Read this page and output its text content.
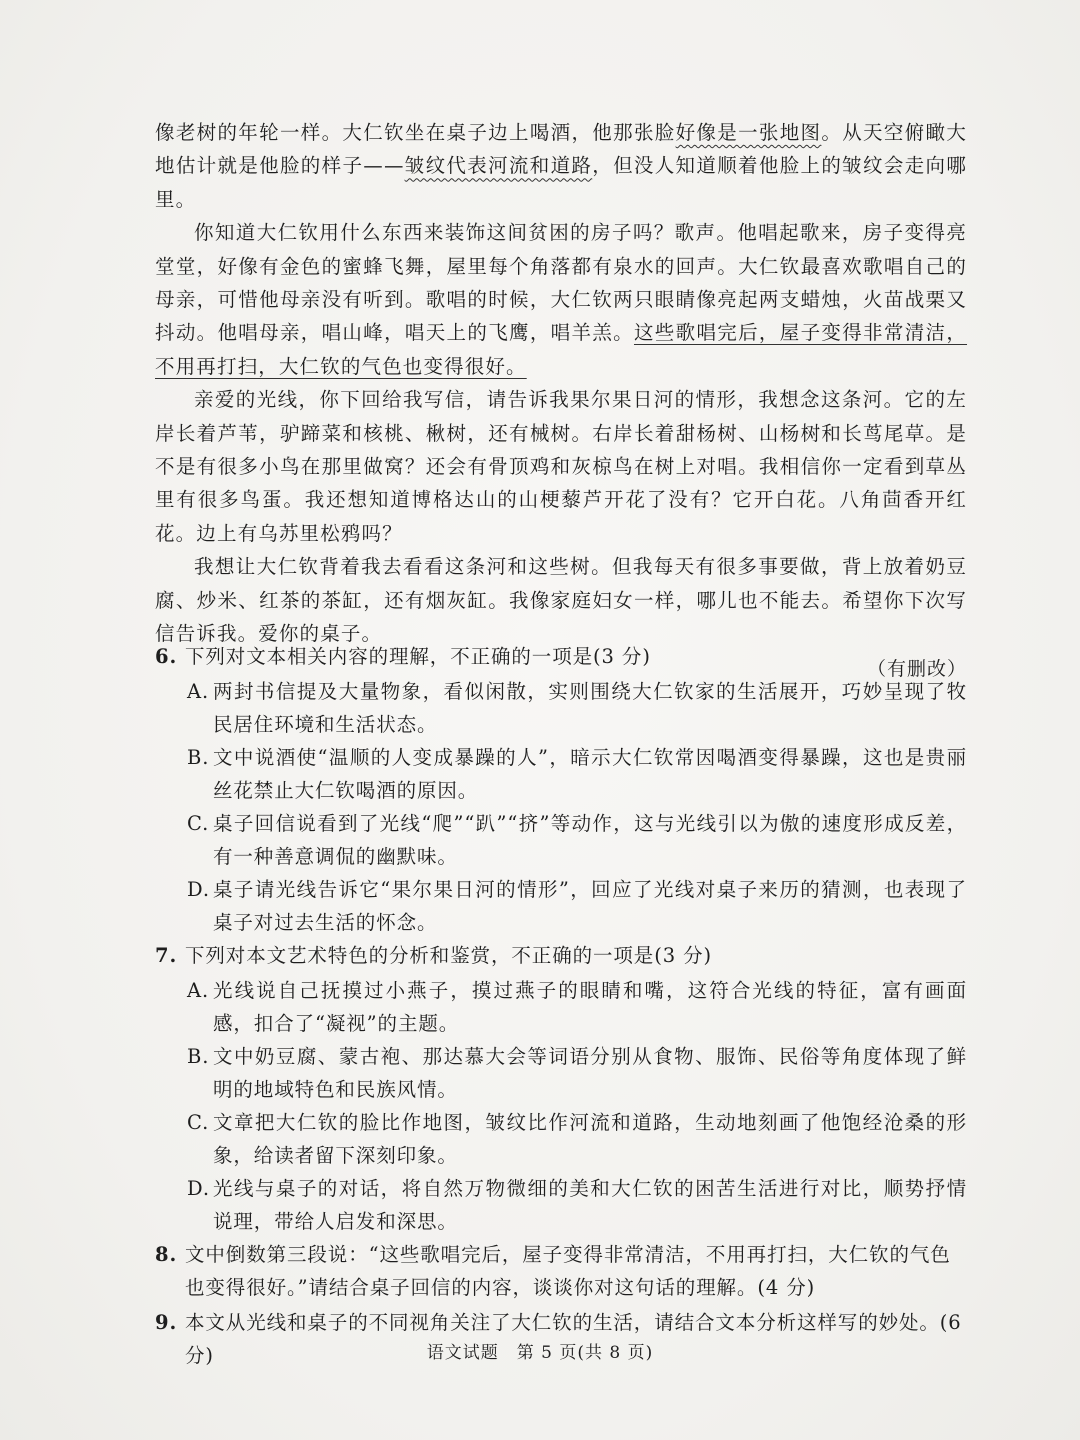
像老树的年轮一样。大仁钦坐在桌子边上喝酒，他那张脸好像是一张地图。从天空俯瞰大地估计就是他脸的样子——皱纹代表河流和道路，但没人知道顺着他脸上的皱纹会走向哪里。

你知道大仁钦用什么东西来装饰这间贫困的房子吗？歌声。他唱起歌来，房子变得亮堂堂，好像有金色的蜜蜂飞舞，屋里每个角落都有泉水的回声。大仁钦最喜欢歌唱自己的母亲，可惜他母亲没有听到。歌唱的时候，大仁钦两只眼睛像亮起两支蜡烛，火苗战栗又抖动。他唱母亲，唱山峰，唱天上的飞鹰，唱羊羔。这些歌唱完后，屋子变得非常清洁，不用再打扫，大仁钦的气色也变得很好。

亲爱的光线，你下回给我写信，请告诉我果尔果日河的情形，我想念这条河。它的左岸长着芦苇，驴蹄菜和核桃、楸树，还有械树。右岸长着甜杨树、山杨树和长茑尾草。是不是有很多小鸟在那里做窝？还会有骨顶鸡和灰椋鸟在树上对唱。我相信你一定看到草丛里有很多鸟蛋。我还想知道博格达山的山梗藜芦开花了没有？它开白花。八角茴香开红花。边上有乌苏里松鸦吗？

我想让大仁钦背着我去看看这条河和这些树。但我每天有很多事要做，背上放着奶豆腐、炒米、红茶的茶缸，还有烟灰缸。我像家庭妇女一样，哪儿也不能去。希望你下次写信告诉我。爱你的桌子。

（有删改）
6. 下列对文本相关内容的理解，不正确的一项是(3 分)
A. 两封书信提及大量物象，看似闲散，实则围绕大仁钦家的生活展开，巧妙呈现了牧民居住环境和生活状态。
B. 文中说酒使“温顺的人变成暴躁的人”，暗示大仁钦常因喝酒变得暴躁，这也是贵丽丝花禁止大仁钦喝酒的原因。
C. 桌子回信说看到了光线“爬”“趴”“挤”等动作，这与光线引以为傲的速度形成反差，有一种善意调侃的幽默味。
D. 桌子请光线告诉它“果尔果日河的情形”，回应了光线对桌子来历的猜测，也表现了桌子对过去生活的怀念。
7. 下列对本文艺术特色的分析和鉴赏，不正确的一项是(3 分)
A. 光线说自己抚摸过小燕子，摸过燕子的眼睛和嘴，这符合光线的特征，富有画面感，扣合了“凝视”的主题。
B. 文中奶豆腐、蒙古袍、那达慕大会等词语分别从食物、服饰、民俗等角度体现了鲜明的地域特色和民族风情。
C. 文章把大仁钦的脸比作地图，皱纹比作河流和道路，生动地刻画了他饱经沧桑的形象，给读者留下深刻印象。
D. 光线与桌子的对话，将自然万物微细的美和大仁钦的困苦生活进行对比，顺势抒情说理，带给人启发和深思。
8. 文中倒数第三段说：“这些歌唱完后，屋子变得非常清洁，不用再打扫，大仁钦的气色也变得很好。”请结合桌子回信的内容，谈谈你对这句话的理解。(4 分)
9. 本文从光线和桌子的不同视角关注了大仁钦的生活，请结合文本分析这样写的妙处。(6 分)	语文试题　第 5 页(共 8 页)
